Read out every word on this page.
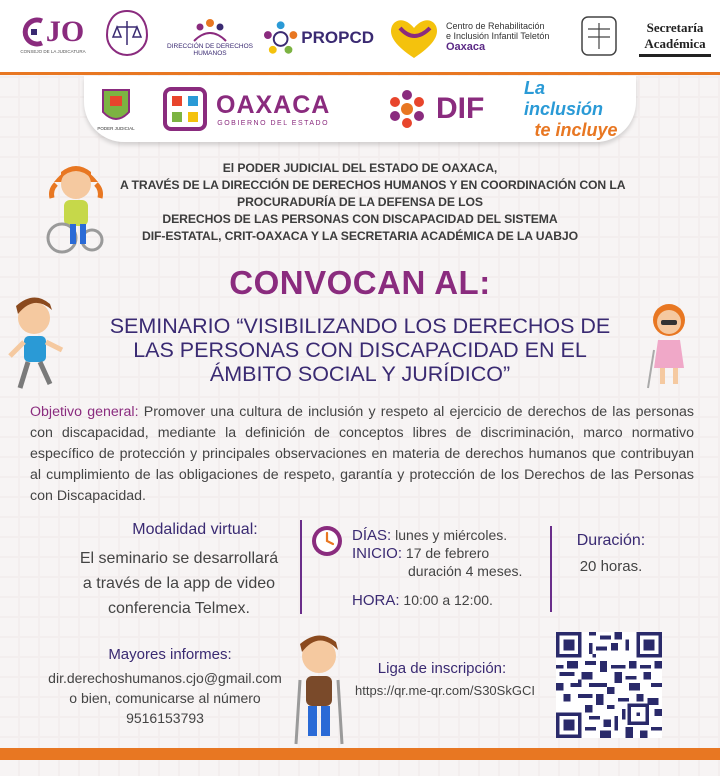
JO
CONSEJO DE LA JUDICATURA
DIRECCIÓN DE DERECHOS HUMANOS
PROPCD
Centro de Rehabilitación
e Inclusión Infantil Teletón
Oaxaca
Secretaría
Académica
PODER JUDICIAL
OAXACA
GOBIERNO DEL ESTADO	DIF
La inclusión
te incluye
El PODER JUDICIAL DEL ESTADO DE OAXACA,
A TRAVÉS DE LA DIRECCIÓN DE DERECHOS HUMANOS Y EN COORDINACIÓN CON LA
PROCURADURÍA DE LA DEFENSA DE LOS
DERECHOS DE LAS PERSONAS CON DISCAPACIDAD DEL SISTEMA
DIF-ESTATAL, CRIT-OAXACA Y LA SECRETARIA ACADÉMICA DE LA UABJO
CONVOCAN AL:
SEMINARIO “VISIBILIZANDO LOS DERECHOS DE
LAS PERSONAS CON DISCAPACIDAD EN EL
ÁMBITO SOCIAL Y JURÍDICO”
Objetivo general: Promover una cultura de inclusión y respeto al ejercicio de derechos de las personas con discapacidad, mediante la definición de conceptos libres de discriminación, marco normativo específico de protección y principales observaciones en materia de derechos humanos que contribuyan al cumplimiento de las obligaciones de respeto, garantía y protección de los Derechos de las Personas con Discapacidad.
Modalidad virtual:
El seminario se desarrollará
a través de la app de video
conferencia Telmex.
DÍAS: lunes y miércoles.
INICIO: 17 de febrero
duración 4 meses.
HORA: 10:00 a 12:00.
Duración:
20 horas.
Mayores informes:
dir.derechoshumanos.cjo@gmail.com
o bien, comunicarse al número
9516153793
Liga de inscripción:
https://qr.me-qr.com/S30SkGCI
